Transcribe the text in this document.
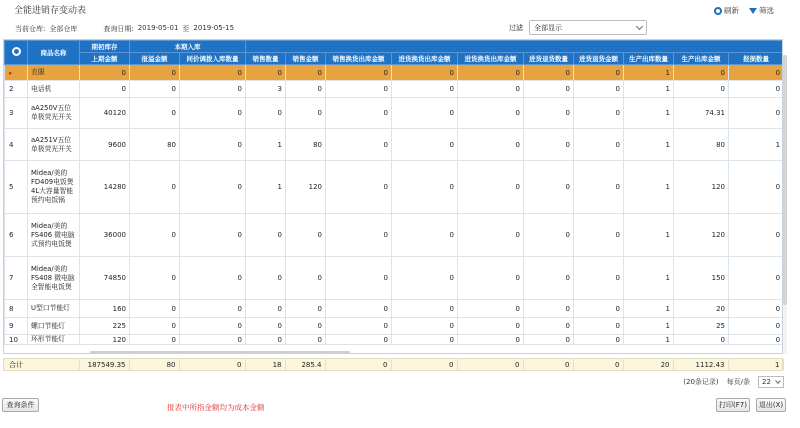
全能进销存变动表	刷新	筛选
当前仓库: 全部仓库	查询日期: 2019-05-01 至 2019-05-15	过滤 全部显示
	商品名称	期初库存	本期入库											
		上期金额	报溢金额	同价调拨入库数量	销售数量	销售金额	销售换货出库金额	进货换货出库金额	进货换货出库金额	进货退货数量	进货退货金额	生产出库数量	生产出库金额	报损数量
▸	衣服	0	0	0	0	0	0	0	0	0	0	1	0	0
2	电话机	0	0	0	3	0	0	0	0	0	0	1	0	0
3	aA250V五位单极荧光开关	40120	0	0	0	0	0	0	0	0	0	1	74.31	0
4	aA251V五位单极荧光开关	9600	80	0	1	80	0	0	0	0	0	1	80	1
5	Midea/美的FD409电饭煲 4L大容量智能预约电饭锅	14280	0	0	1	120	0	0	0	0	0	1	120	0
6	Midea/美的FS406 微电脑式预约电饭煲	36000	0	0	0	0	0	0	0	0	0	1	120	0
7	Midea/美的FS408 微电脑全智能电饭煲	74850	0	0	0	0	0	0	0	0	0	1	150	0
8	U型口节能灯	160	0	0	0	0	0	0	0	0	0	1	20	0
9	螺口节能灯	225	0	0	0	0	0	0	0	0	0	1	25	0
10	环形节能灯	120	0	0	0	0	0	0	0	0	0	1	0	0
合计	187549.35	80	0	18	285.4	0	0	0	0	0	20	1112.43	1
(20条记录) 每页/条 22
查询条件	报表中所指金额均为成本金额	打印(F7)	退出(X)
